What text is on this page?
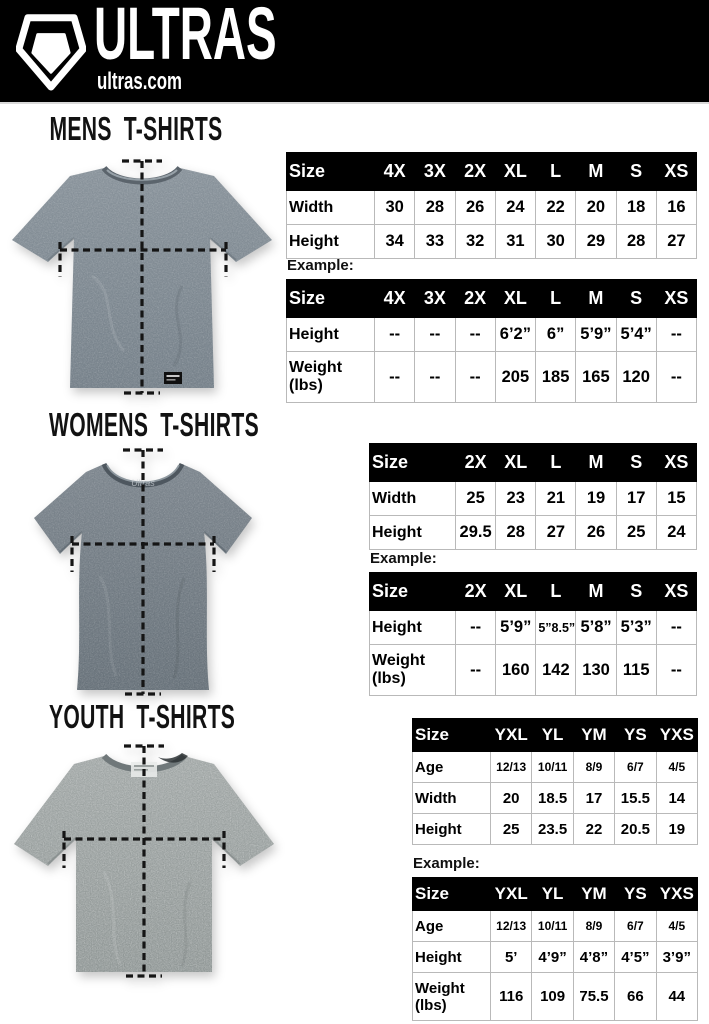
ULTRAS
ultras.com
MENS T-SHIRTS
Size	4X	3X	2X	XL	L	M	S	XS
Width	30	28	26	24	22	20	18	16
Height	34	33	32	31	30	29	28	27
Example:
Size	4X	3X	2X	XL	L	M	S	XS
Height	--	--	--	6’2”	6”	5’9”	5’4”	--
Weight (lbs)	--	--	--	205	185	165	120	--
WOMENS T-SHIRTS
Ultras
Size	2X	XL	L	M	S	XS
Width	25	23	21	19	17	15
Height	29.5	28	27	26	25	24
Example:
Size	2X	XL	L	M	S	XS
Height	--	5’9”	5”8.5”	5’8”	5’3”	--
Weight (lbs)	--	160	142	130	115	--
YOUTH T-SHIRTS	Size	YXL	YL	YM	YS	YXS
Age	12/13	10/11	8/9	6/7	4/5
Width	20	18.5	17	15.5	14
Height	25	23.5	22	20.5	19
Example:
Size	YXL	YL	YM	YS	YXS
Age	12/13	10/11	8/9	6/7	4/5
Height	5’	4’9”	4’8”	4’5”	3’9”
Weight (lbs)	116	109	75.5	66	44
